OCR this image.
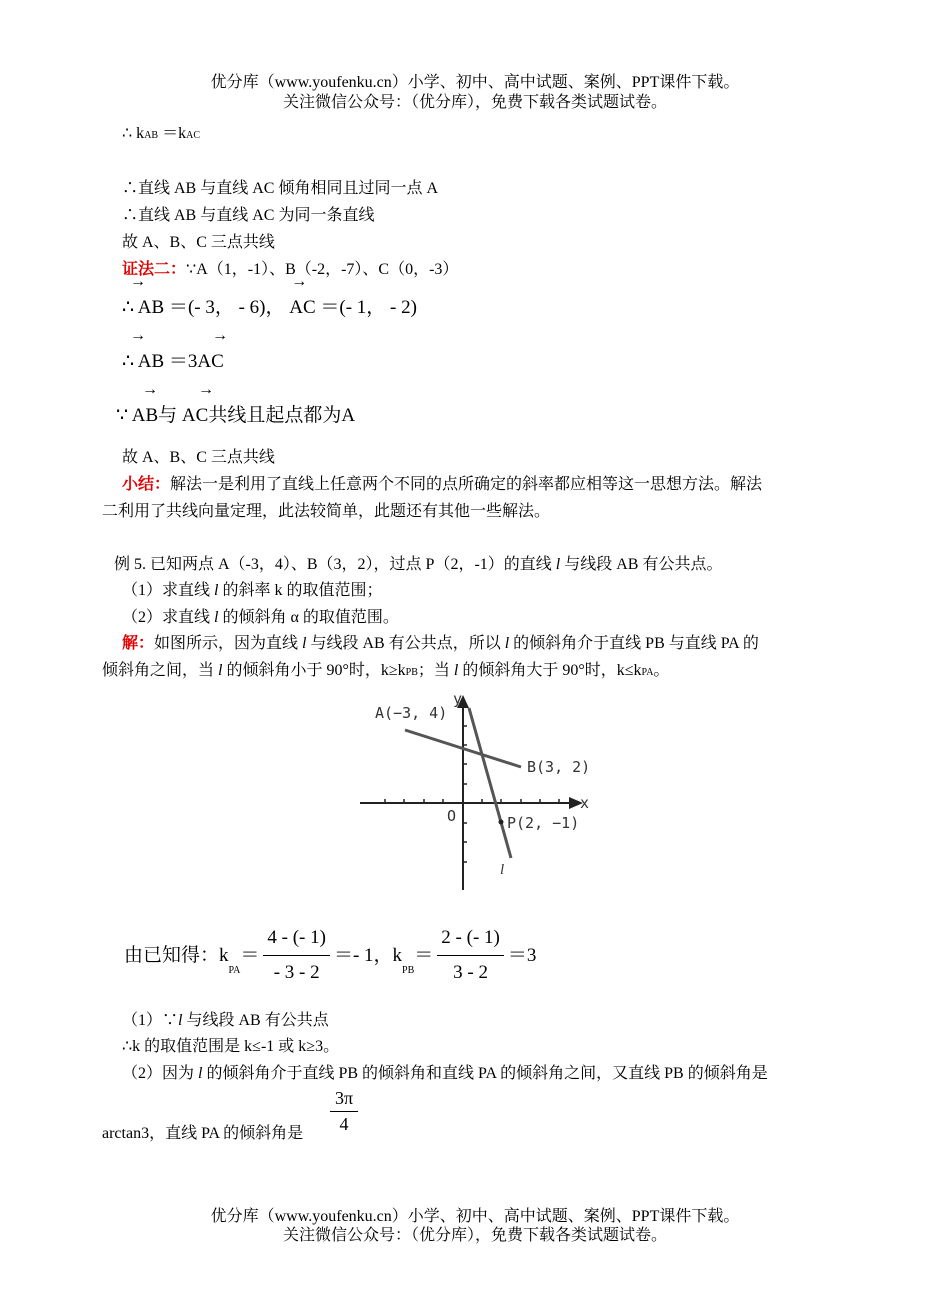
优分库（www.youfenku.cn）小学、初中、高中试题、案例、PPT课件下载。
关注微信公众号：（优分库），免费下载各类试题试卷。
∴ kAB ＝kAC
∴直线 AB 与直线 AC 倾角相同且过同一点 A
∴直线 AB 与直线 AC 为同一条直线
故 A、B、C 三点共线
证法二：∵A（1，-1）、B（-2，-7）、C（0，-3）
→
∴ AB ＝(- 3， - 6)，
→
AC ＝(- 1， - 2)
→	→
∴ AB ＝3AC
→	→
∵ AB与 AC共线且起点都为A
故 A、B、C 三点共线
小结：解法一是利用了直线上任意两个不同的点所确定的斜率都应相等这一思想方法。解法
二利用了共线向量定理，此法较简单，此题还有其他一些解法。
例 5. 已知两点 A（-3，4）、B（3，2），过点 P（2，-1）的直线 l 与线段 AB 有公共点。
（1）求直线 l 的斜率 k 的取值范围；
（2）求直线 l 的倾斜角 α 的取值范围。
解：如图所示，因为直线 l 与线段 AB 有公共点，所以 l 的倾斜角介于直线 PB 与直线 PA 的
倾斜角之间，当 l 的倾斜角小于 90°时，k≥kPB；当 l 的倾斜角大于 90°时，k≤kPA。
A(−3, 4)
y
B(3, 2)
x
O	P(2, −1)
l
由已知得：k
PA
＝ $\frac{4 - (- 1)}{- 3 - 2} =- 1$，k
PB
＝ $\frac{2 - (- 1)}{3 - 2} =3$
（1）∵l 与线段 AB 有公共点
∴k 的取值范围是 k≤-1 或 k≥3。
（2）因为 l 的倾斜角介于直线 PB 的倾斜角和直线 PA 的倾斜角之间，又直线 PB 的倾斜角是
arctan3，直线 PA 的倾斜角是
3π
4
优分库（www.youfenku.cn）小学、初中、高中试题、案例、PPT课件下载。
关注微信公众号：（优分库），免费下载各类试题试卷。
